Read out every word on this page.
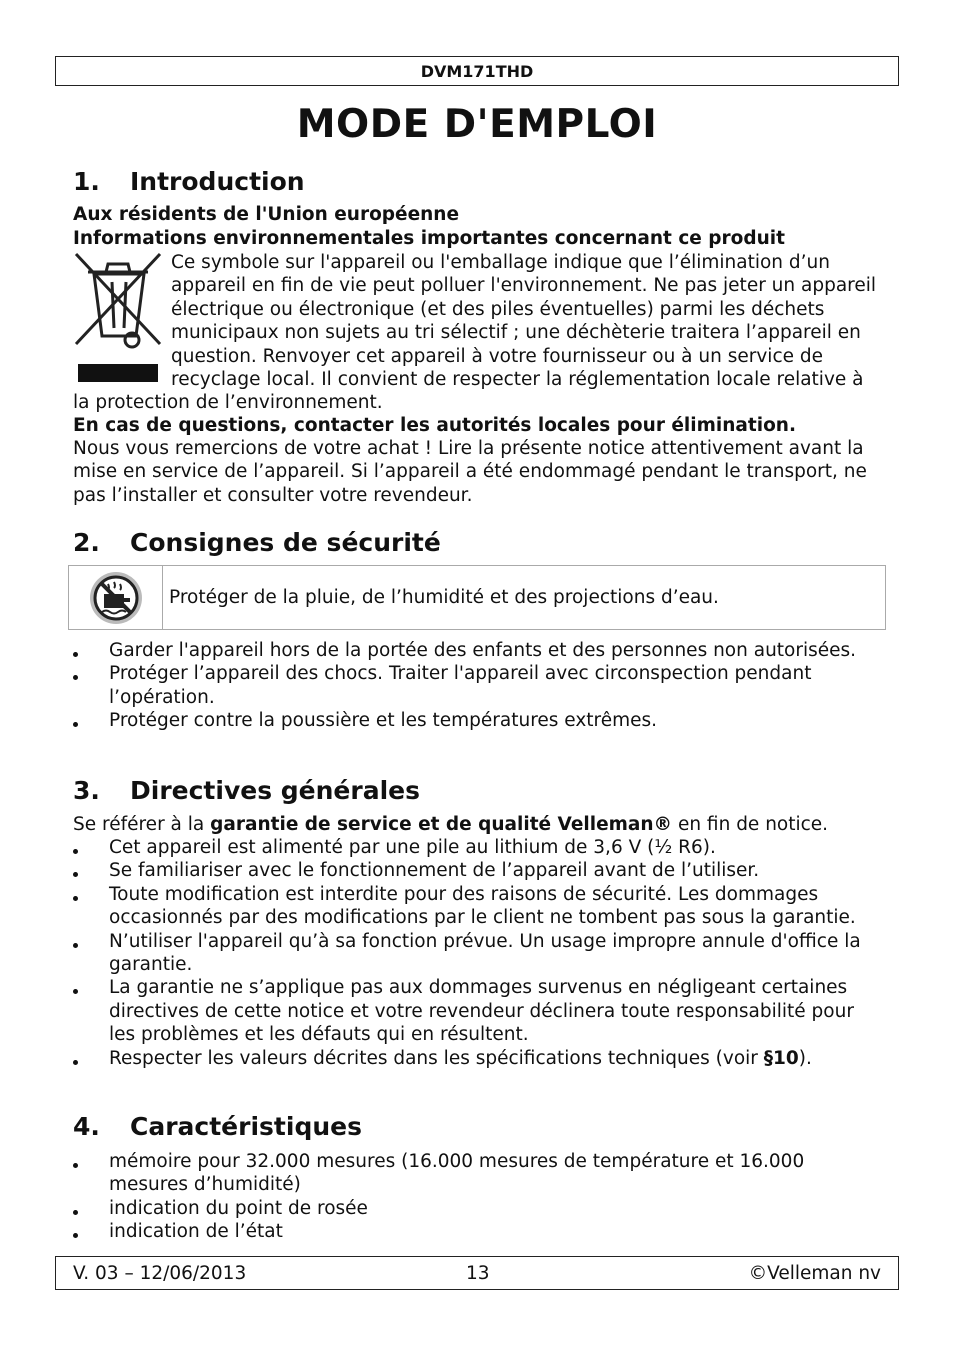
DVM171THD
MODE D'EMPLOI
1. Introduction
Aux résidents de l'Union européenne
Informations environnementales importantes concernant ce produit
Ce symbole sur l'appareil ou l'emballage indique que l’élimination d’un appareil en fin de vie peut polluer l'environnement. Ne pas jeter un appareil électrique ou électronique (et des piles éventuelles) parmi les déchets municipaux non sujets au tri sélectif ; une déchèterie traitera l’appareil en question. Renvoyer cet appareil à votre fournisseur ou à un service de recyclage local. Il convient de respecter la réglementation locale relative à la protection de l’environnement.
En cas de questions, contacter les autorités locales pour élimination.
Nous vous remercions de votre achat ! Lire la présente notice attentivement avant la mise en service de l’appareil. Si l’appareil a été endommagé pendant le transport, ne pas l’installer et consulter votre revendeur.
2. Consignes de sécurité
Protéger de la pluie, de l’humidité et des projections d’eau.
Garder l'appareil hors de la portée des enfants et des personnes non autorisées.
Protéger l’appareil des chocs. Traiter l'appareil avec circonspection pendant l’opération.
Protéger contre la poussière et les températures extrêmes.
3. Directives générales
Se référer à la garantie de service et de qualité Velleman® en fin de notice.
Cet appareil est alimenté par une pile au lithium de 3,6 V (½ R6).
Se familiariser avec le fonctionnement de l’appareil avant de l’utiliser.
Toute modification est interdite pour des raisons de sécurité. Les dommages occasionnés par des modifications par le client ne tombent pas sous la garantie.
N’utiliser l'appareil qu’à sa fonction prévue. Un usage impropre annule d'office la garantie.
La garantie ne s’applique pas aux dommages survenus en négligeant certaines directives de cette notice et votre revendeur déclinera toute responsabilité pour les problèmes et les défauts qui en résultent.
Respecter les valeurs décrites dans les spécifications techniques (voir §10).
4. Caractéristiques
mémoire pour 32.000 mesures (16.000 mesures de température et 16.000 mesures d’humidité)
indication du point de rosée
indication de l’état
V. 03 – 12/06/2013	13	©Velleman nv
